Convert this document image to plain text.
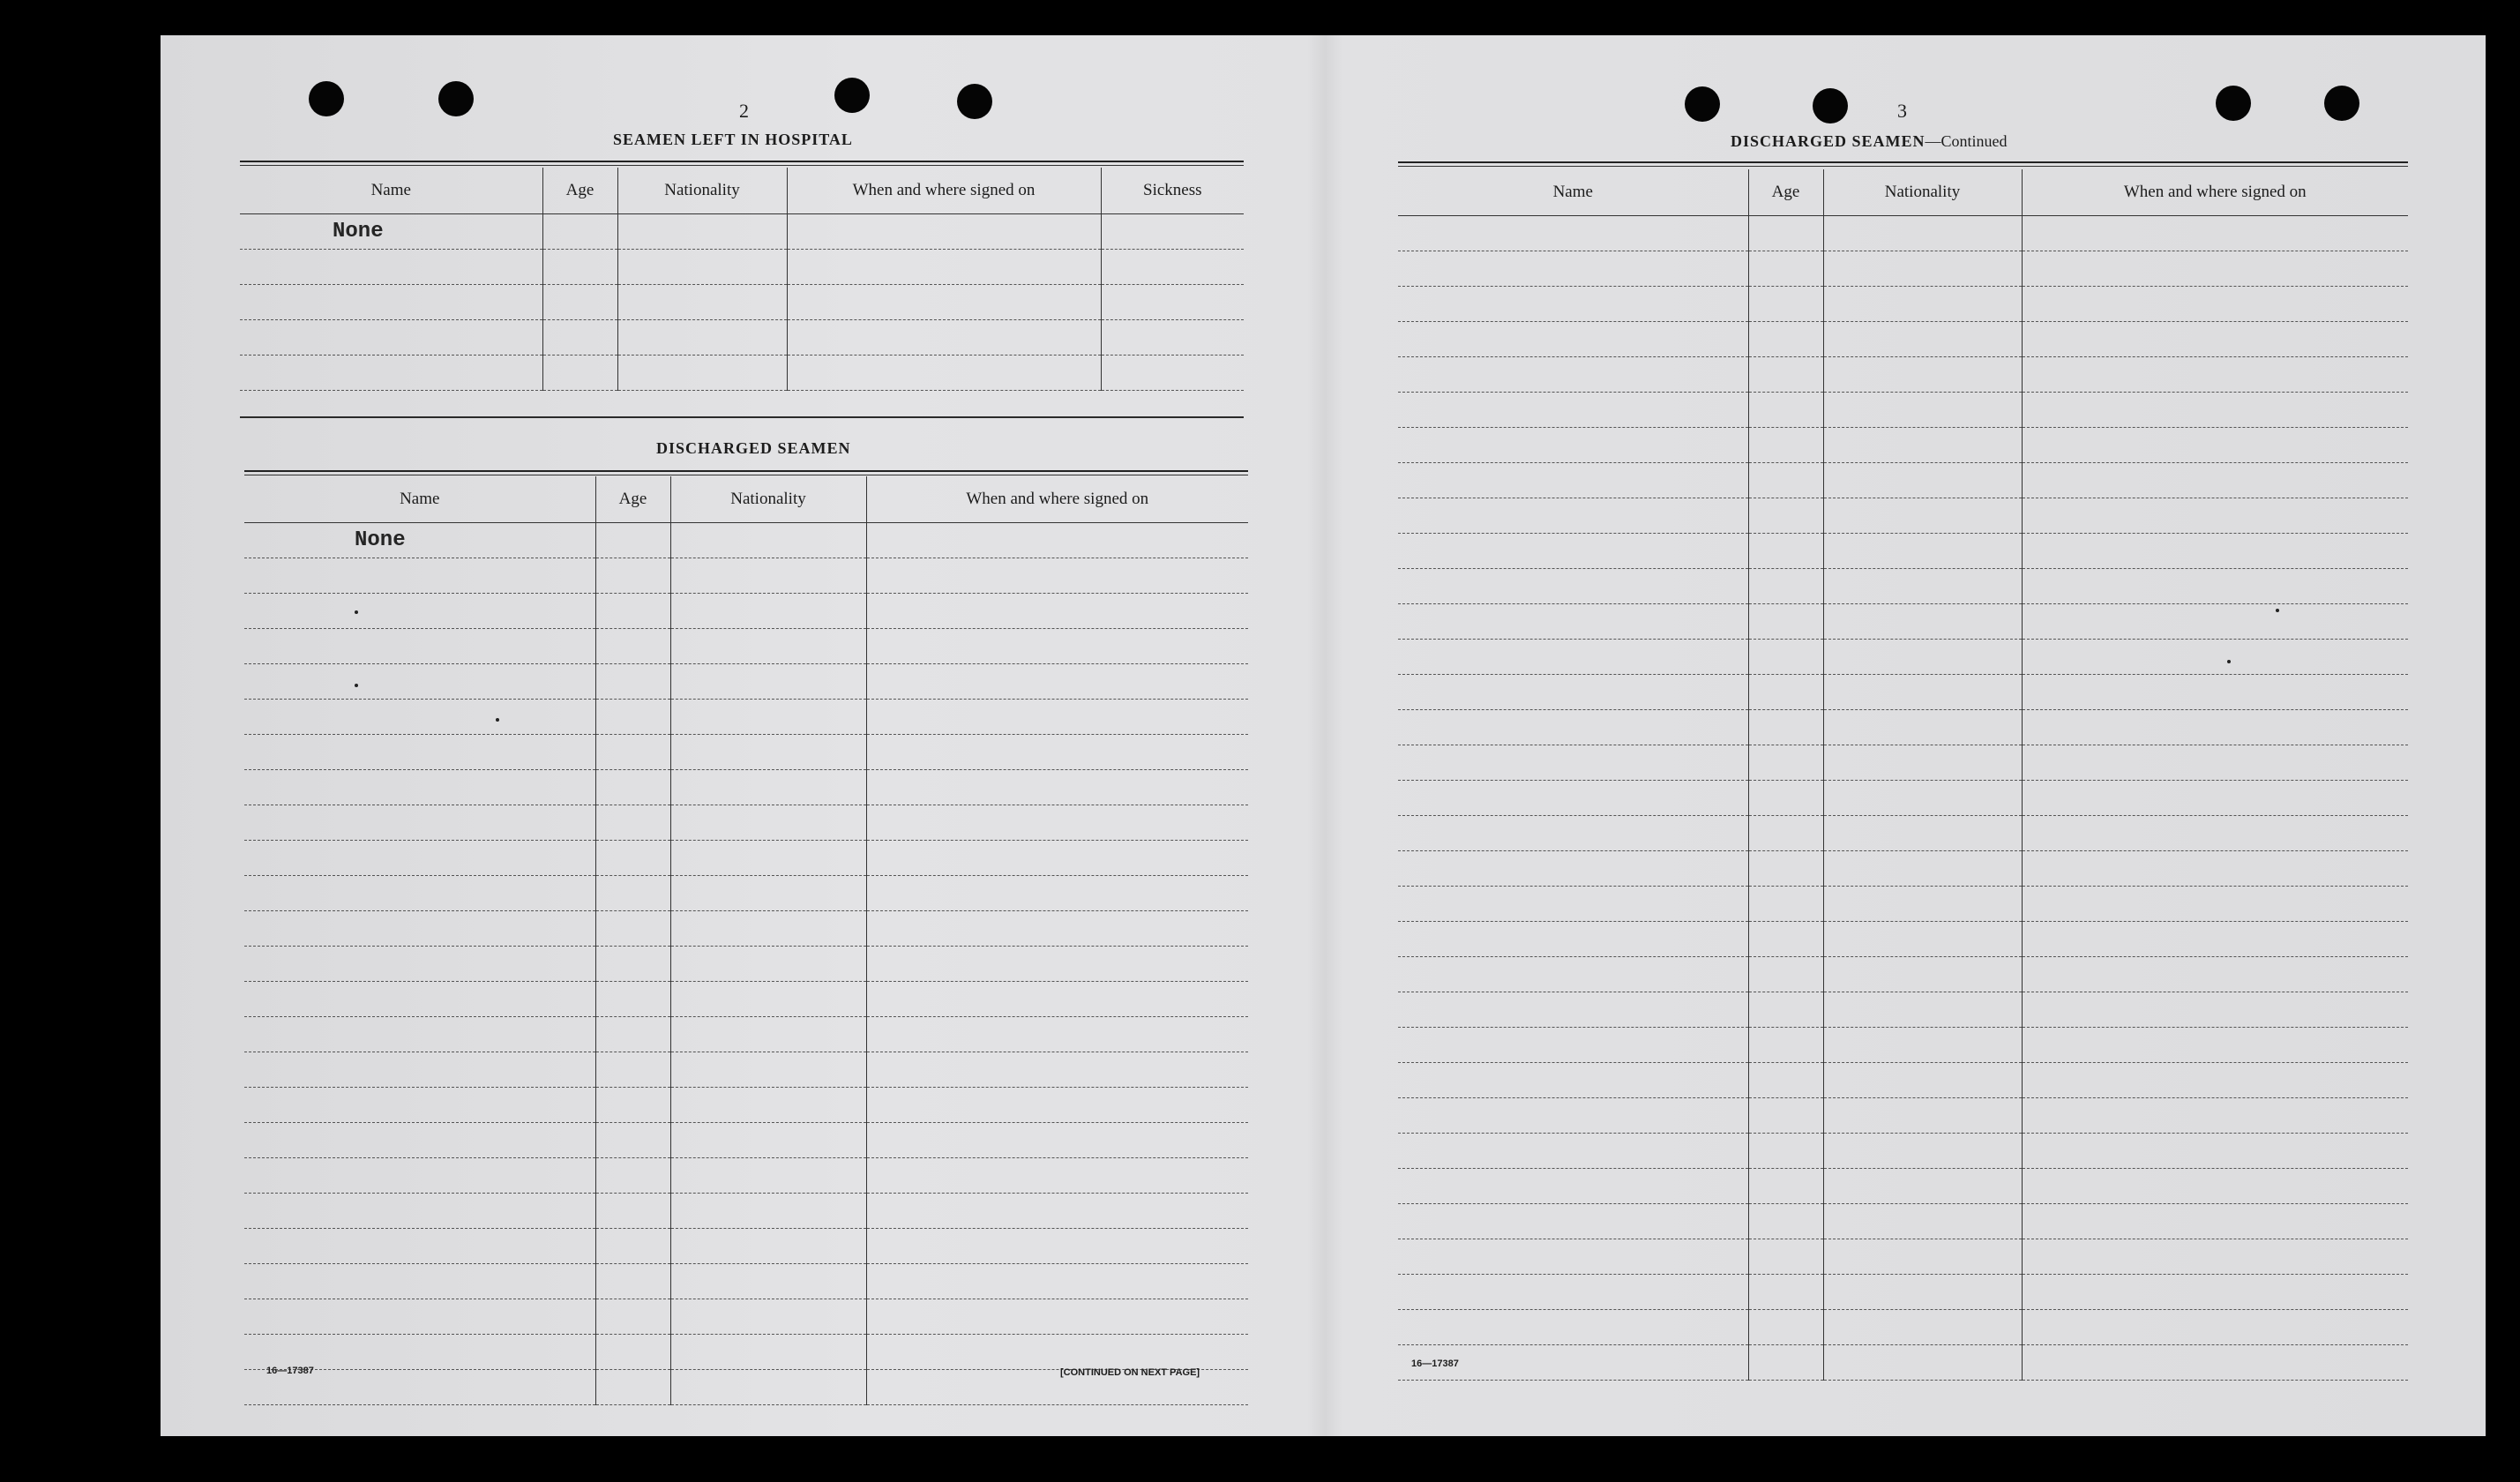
2
SEAMEN LEFT IN HOSPITAL
Name	Age	Nationality	When and where signed on	Sickness
None				

DISCHARGED SEAMEN
Name	Age	Nationality	When and where signed on
None			

16—17387	[CONTINUED ON NEXT PAGE]
3
DISCHARGED SEAMEN—Continued
Name	Age	Nationality	When and where signed on

16—17387
